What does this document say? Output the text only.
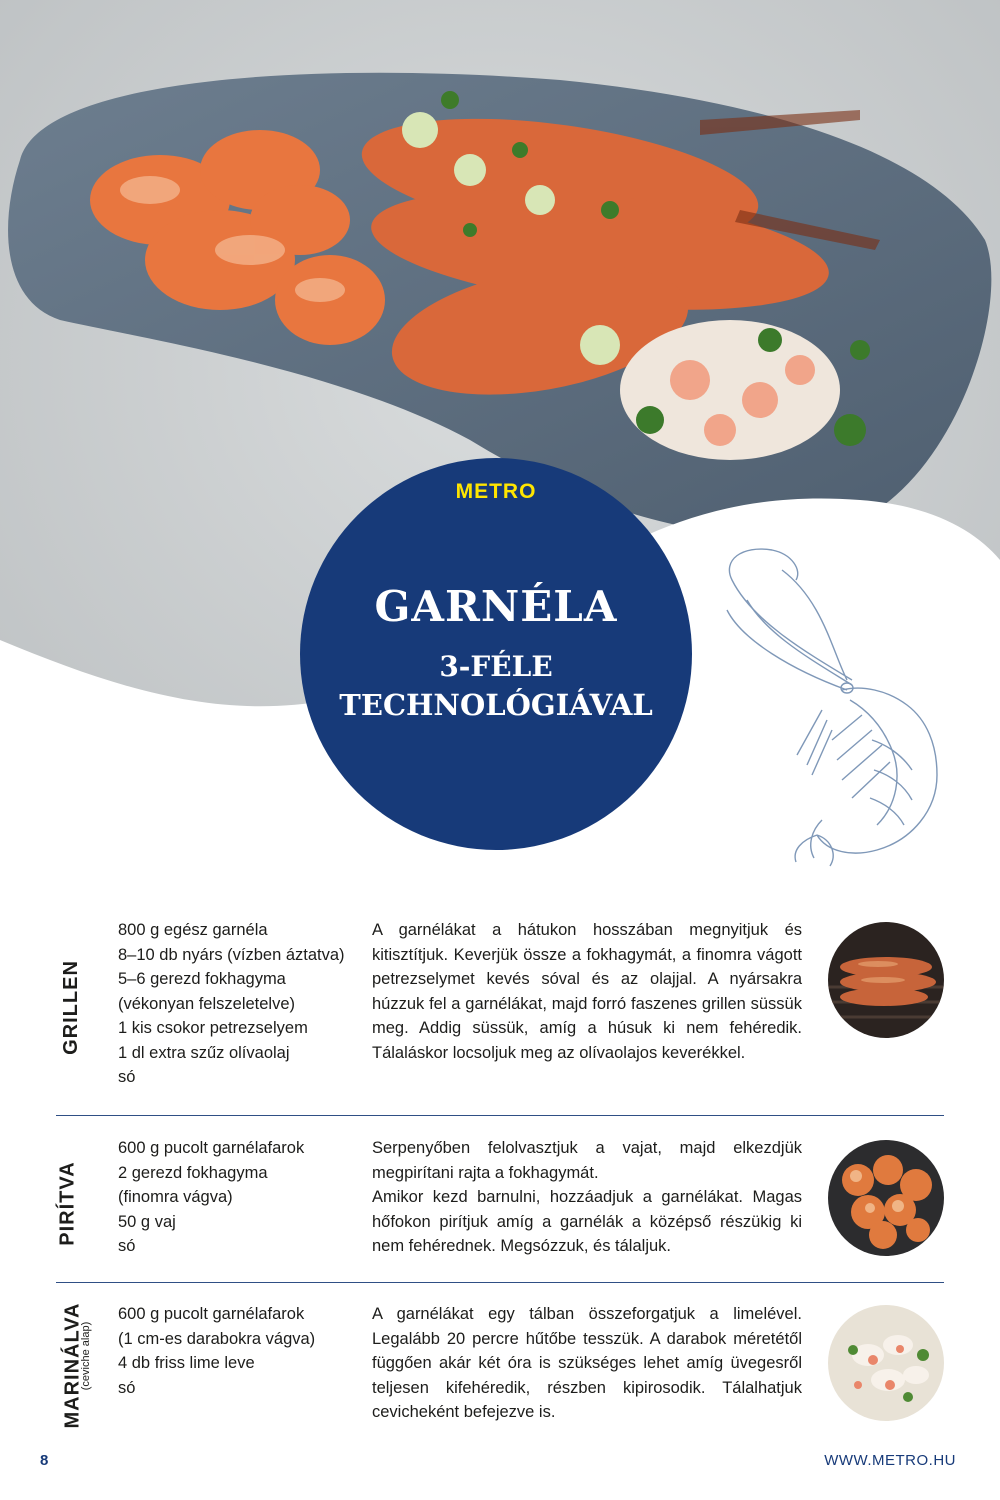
METRO
GARNÉLA
3-FÉLE
TECHNOLÓGIÁVAL
GRILLEN
800 g egész garnéla
8–10 db nyárs (vízben áztatva)
5–6 gerezd fokhagyma
(vékonyan felszeletelve)
1 kis csokor petrezselyem
1 dl extra szűz olívaolaj
só
A garnélákat a hátukon hosszában megnyitjuk és kitisztítjuk. Keverjük össze a fokhagymát, a finomra vágott petrezselymet kevés sóval és az olajjal. A nyársakra húzzuk fel a garnélákat, majd forró faszenes grillen süssük meg. Addig süssük, amíg a húsuk ki nem fehéredik. Tálaláskor locsoljuk meg az olívaolajos keverékkel.
PIRÍTVA
600 g pucolt garnélafarok
2 gerezd fokhagyma
(finomra vágva)
50 g vaj
só
Serpenyőben felolvasztjuk a vajat, majd elkezdjük megpirítani rajta a fokhagymát.
Amikor kezd barnulni, hozzáadjuk a garnélákat. Magas hőfokon pirítjuk amíg a garnélák a középső részükig ki nem fehérednek. Megsózzuk, és tálaljuk.
MARINÁLVA
(ceviche alap)
600 g pucolt garnélafarok
(1 cm-es darabokra vágva)
4 db friss lime leve
só
A garnélákat egy tálban összeforgatjuk a limelével. Legalább 20 percre hűtőbe tesszük. A darabok méretétől függően akár két óra is szükséges lehet amíg üvegesről teljesen kifehéredik, részben kipirosodik. Tálalhatjuk cevicheként befejezve is.
8	WWW.METRO.HU
